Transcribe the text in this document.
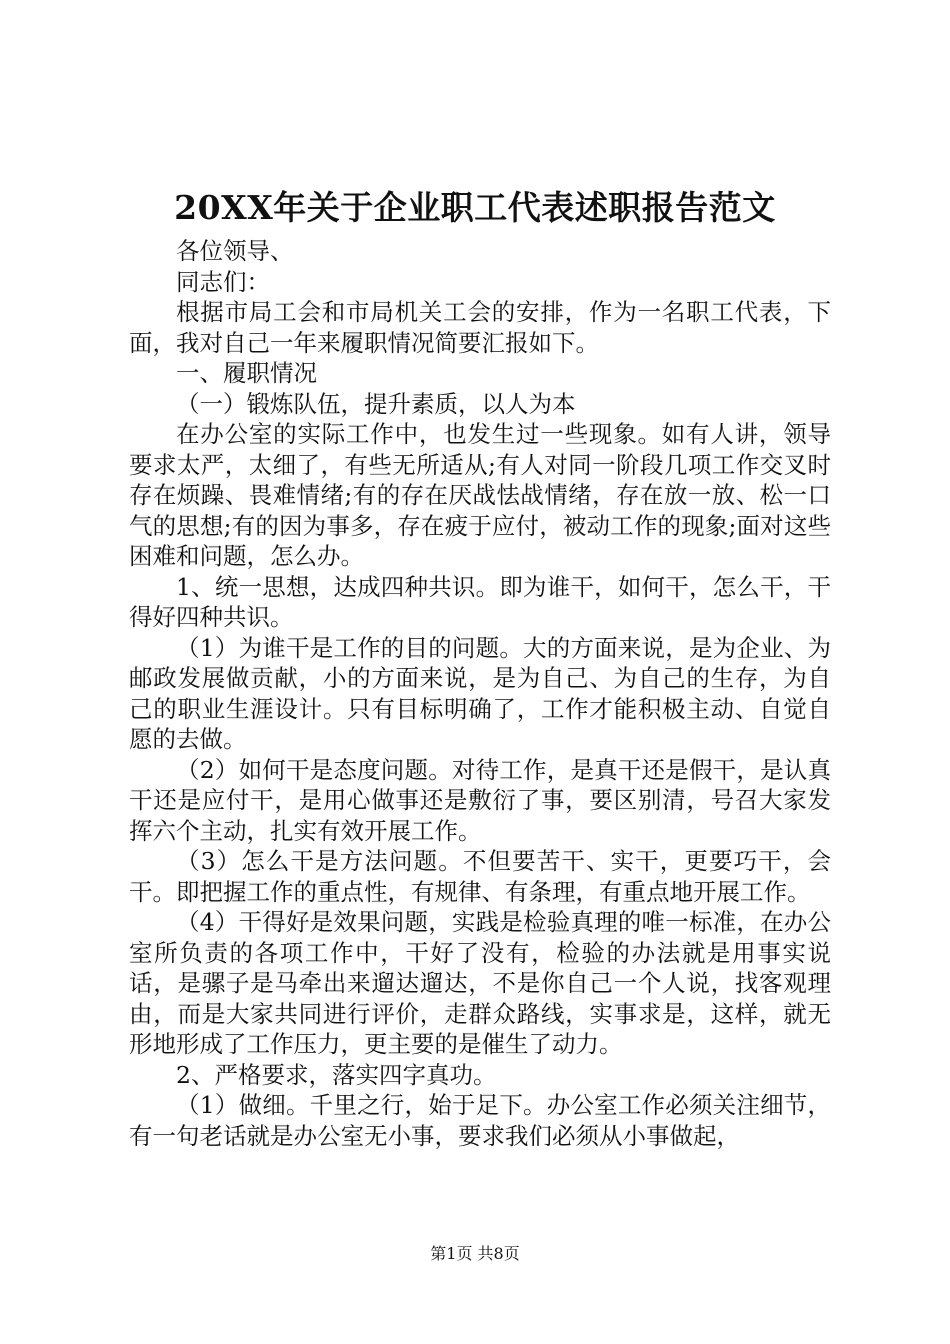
20XX年关于企业职工代表述职报告范文

各位领导、

同志们：

根据市局工会和市局机关工会的安排，作为一名职工代表，下面，我对自己一年来履职情况简要汇报如下。

一、履职情况

（一）锻炼队伍，提升素质，以人为本

在办公室的实际工作中，也发生过一些现象。如有人讲，领导要求太严，太细了，有些无所适从;有人对同一阶段几项工作交叉时存在烦躁、畏难情绪;有的存在厌战怯战情绪，存在放一放、松一口气的思想;有的因为事多，存在疲于应付，被动工作的现象;面对这些困难和问题，怎么办。

1、统一思想，达成四种共识。即为谁干，如何干，怎么干，干得好四种共识。

（1）为谁干是工作的目的问题。大的方面来说，是为企业、为邮政发展做贡献，小的方面来说，是为自己、为自己的生存，为自己的职业生涯设计。只有目标明确了，工作才能积极主动、自觉自愿的去做。

（2）如何干是态度问题。对待工作，是真干还是假干，是认真干还是应付干，是用心做事还是敷衍了事，要区别清，号召大家发挥六个主动，扎实有效开展工作。

（3）怎么干是方法问题。不但要苦干、实干，更要巧干，会干。即把握工作的重点性，有规律、有条理，有重点地开展工作。

（4）干得好是效果问题，实践是检验真理的唯一标准，在办公室所负责的各项工作中，干好了没有，检验的办法就是用事实说话，是骡子是马牵出来遛达遛达，不是你自己一个人说，找客观理由，而是大家共同进行评价，走群众路线，实事求是，这样，就无形地形成了工作压力，更主要的是催生了动力。

2、严格要求，落实四字真功。

（1）做细。千里之行，始于足下。办公室工作必须关注细节，有一句老话就是办公室无小事，要求我们必须从小事做起，

第1页 共8页
